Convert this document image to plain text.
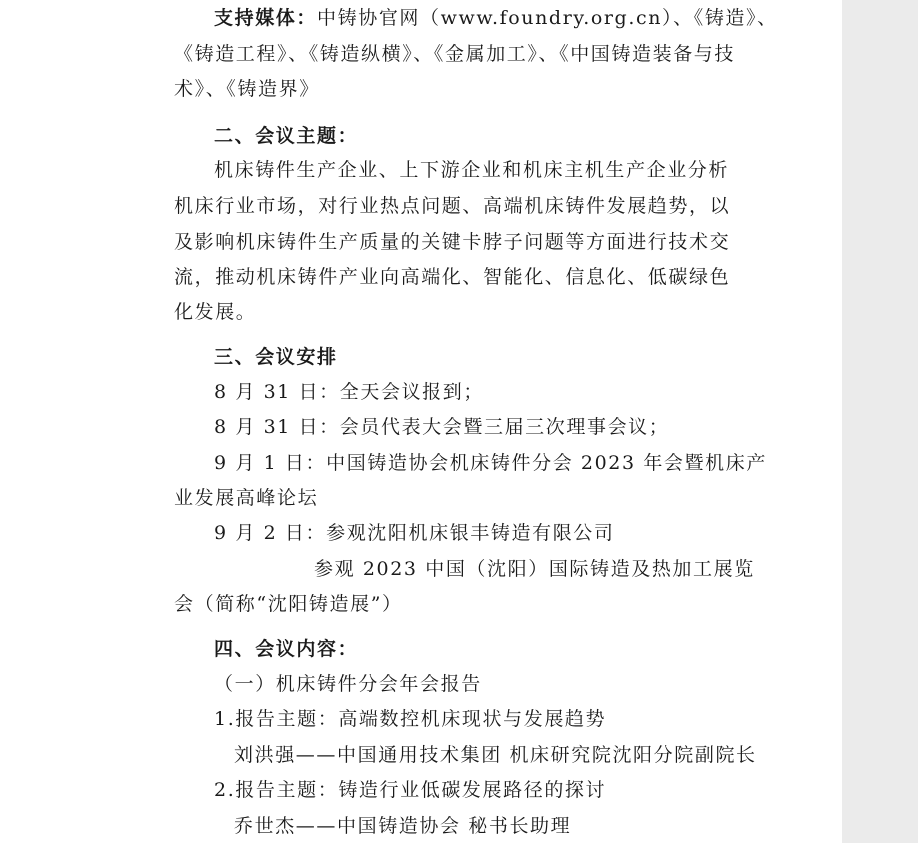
支持媒体：中铸协官网（www.foundry.org.cn）、《铸造》、
《铸造工程》、《铸造纵横》、《金属加工》、《中国铸造装备与技
术》、《铸造界》
二、会议主题：
机床铸件生产企业、上下游企业和机床主机生产企业分析
机床行业市场，对行业热点问题、高端机床铸件发展趋势，以
及影响机床铸件生产质量的关键卡脖子问题等方面进行技术交
流，推动机床铸件产业向高端化、智能化、信息化、低碳绿色
化发展。
三、会议安排
8 月 31 日：全天会议报到；
8 月 31 日：会员代表大会暨三届三次理事会议；
9 月 1 日：中国铸造协会机床铸件分会 2023 年会暨机床产
业发展高峰论坛
9 月 2 日：参观沈阳机床银丰铸造有限公司
参观 2023 中国（沈阳）国际铸造及热加工展览
会（简称“沈阳铸造展”）
四、会议内容：
（一）机床铸件分会年会报告
1.报告主题：高端数控机床现状与发展趋势
刘洪强——中国通用技术集团 机床研究院沈阳分院副院长
2.报告主题：铸造行业低碳发展路径的探讨
乔世杰——中国铸造协会 秘书长助理
